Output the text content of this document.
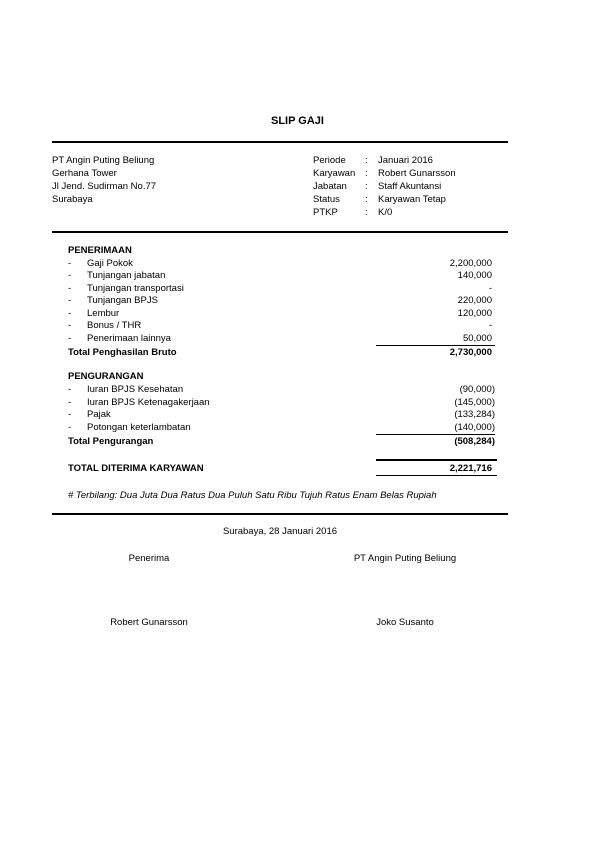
SLIP GAJI
PT Angin Puting Beliung
Gerhana Tower
Jl Jend. Sudirman No.77
Surabaya
Periode : Januari 2016
Karyawan : Robert Gunarsson
Jabatan : Staff Akuntansi
Status	: Karyawan Tetap
PTKP	: K/0
PENERIMAAN
- Gaji Pokok	2,200,000
- Tunjangan jabatan	140,000
- Tunjangan transportasi	-
- Tunjangan BPJS	220,000
- Lembur	120,000
- Bonus / THR	-
- Penerimaan lainnya	50,000
Total Penghasilan Bruto	2,730,000
PENGURANGAN
- Iuran BPJS Kesehatan	(90,000)
- Iuran BPJS Ketenagakerjaan	(145,000)
- Pajak	(133,284)
- Potongan keterlambatan	(140,000)
Total Pengurangan	(508,284)
TOTAL DITERIMA KARYAWAN	2,221,716
# Terbilang: Dua Juta Dua Ratus Dua Puluh Satu Ribu Tujuh Ratus Enam Belas Rupiah
Surabaya, 28 Januari 2016
Penerima	PT Angin Puting Beliung
Robert Gunarsson	Joko Susanto
